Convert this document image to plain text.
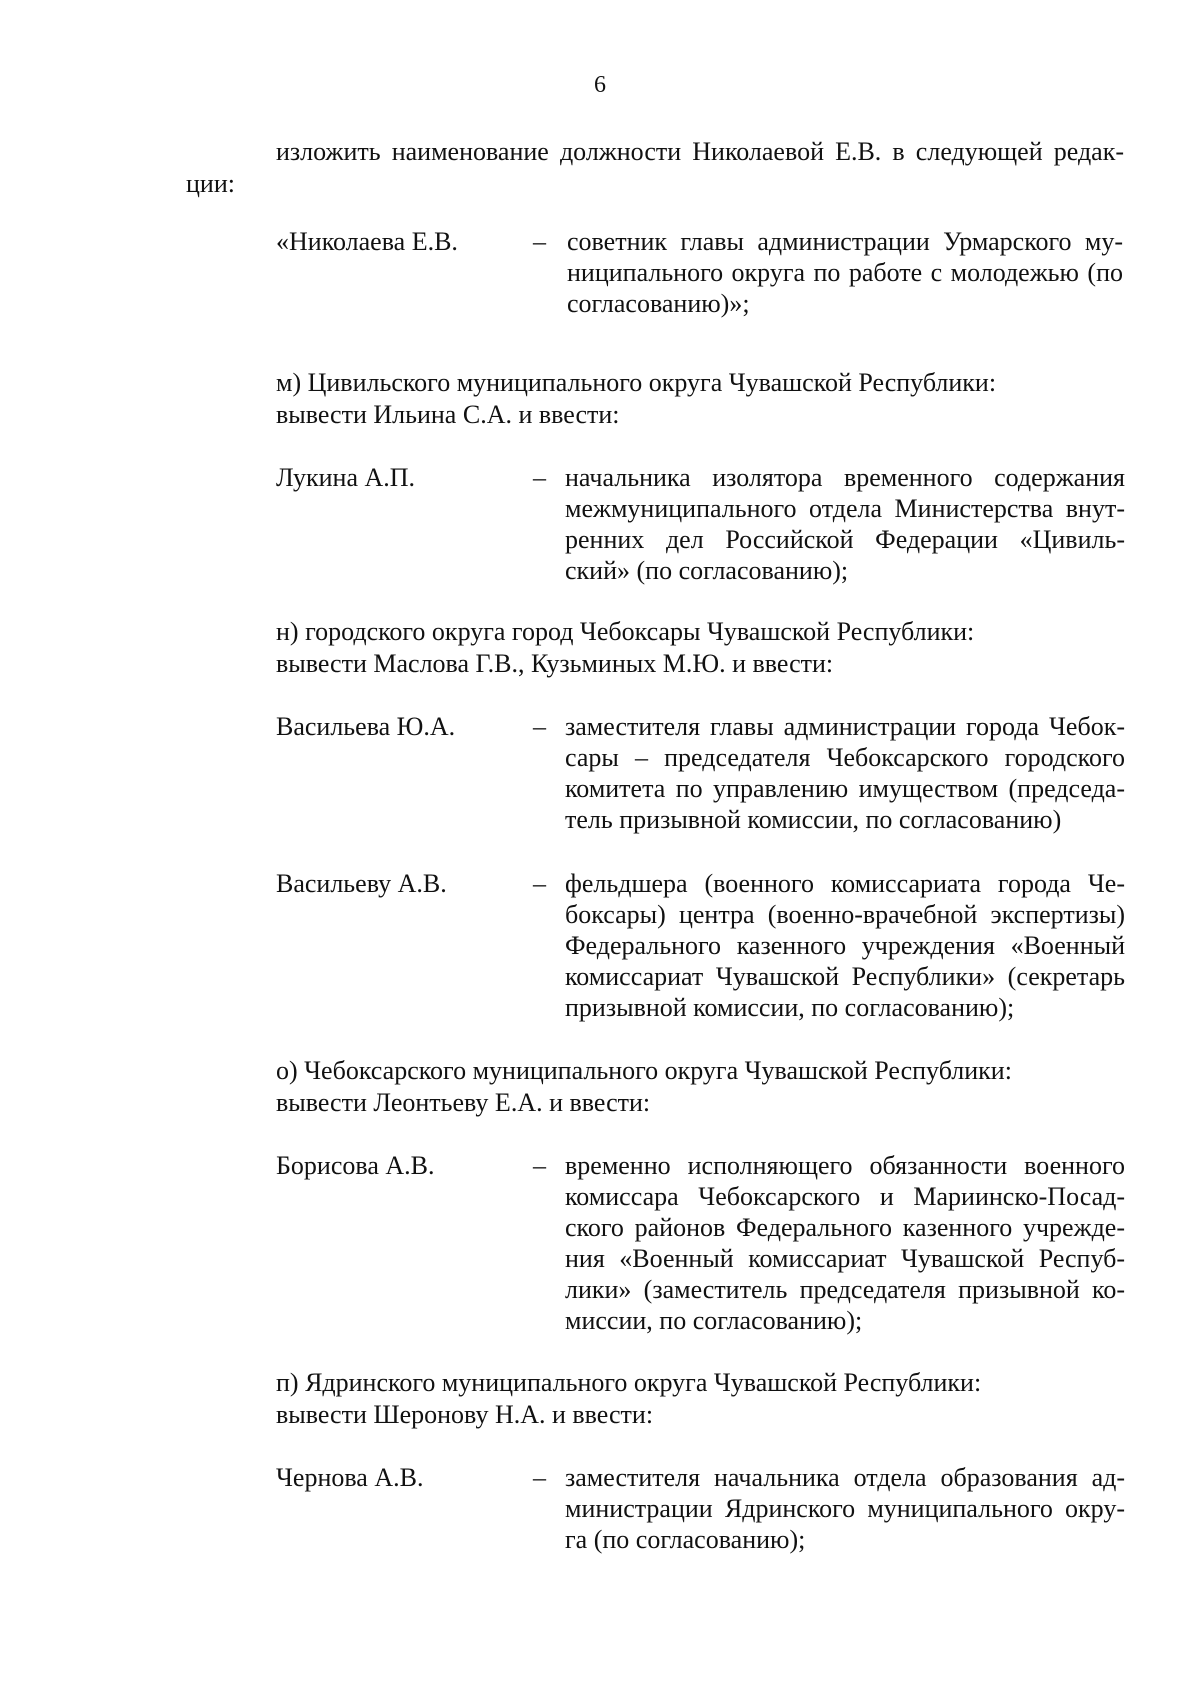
6

изложить наименование должности Николаевой Е.В. в следующей редак-

ции:

«Николаева Е.В.	– советник главы администрации Урмарского му-
ниципального округа по работе с молодежью (по
согласованию)»;

м) Цивильского муниципального округа Чувашской Республики:

вывести Ильина С.А. и ввести:

Лукина А.П.	– начальника изолятора временного содержания
межмуниципального отдела Министерства внут-
ренних дел Российской Федерации «Цивиль-
ский» (по согласованию);

н) городского округа город Чебоксары Чувашской Республики:

вывести Маслова Г.В., Кузьминых М.Ю. и ввести:

Васильева Ю.А.	– заместителя главы администрации города Чебок-
сары – председателя Чебоксарского городского
комитета по управлению имуществом (председа-
тель призывной комиссии, по согласованию)

Васильеву А.В.	– фельдшера (военного комиссариата города Че-
боксары) центра (военно-врачебной экспертизы)
Федерального казенного учреждения «Военный
комиссариат Чувашской Республики» (секретарь
призывной комиссии, по согласованию);

о) Чебоксарского муниципального округа Чувашской Республики:

вывести Леонтьеву Е.А. и ввести:

Борисова А.В.	– временно исполняющего обязанности военного
комиссара Чебоксарского и Мариинско-Посад-
ского районов Федерального казенного учрежде-
ния «Военный комиссариат Чувашской Респуб-
лики» (заместитель председателя призывной ко-
миссии, по согласованию);

п) Ядринского муниципального округа Чувашской Республики:

вывести Шеронову Н.А. и ввести:

Чернова А.В.	– заместителя начальника отдела образования ад-
министрации Ядринского муниципального окру-
га (по согласованию);
